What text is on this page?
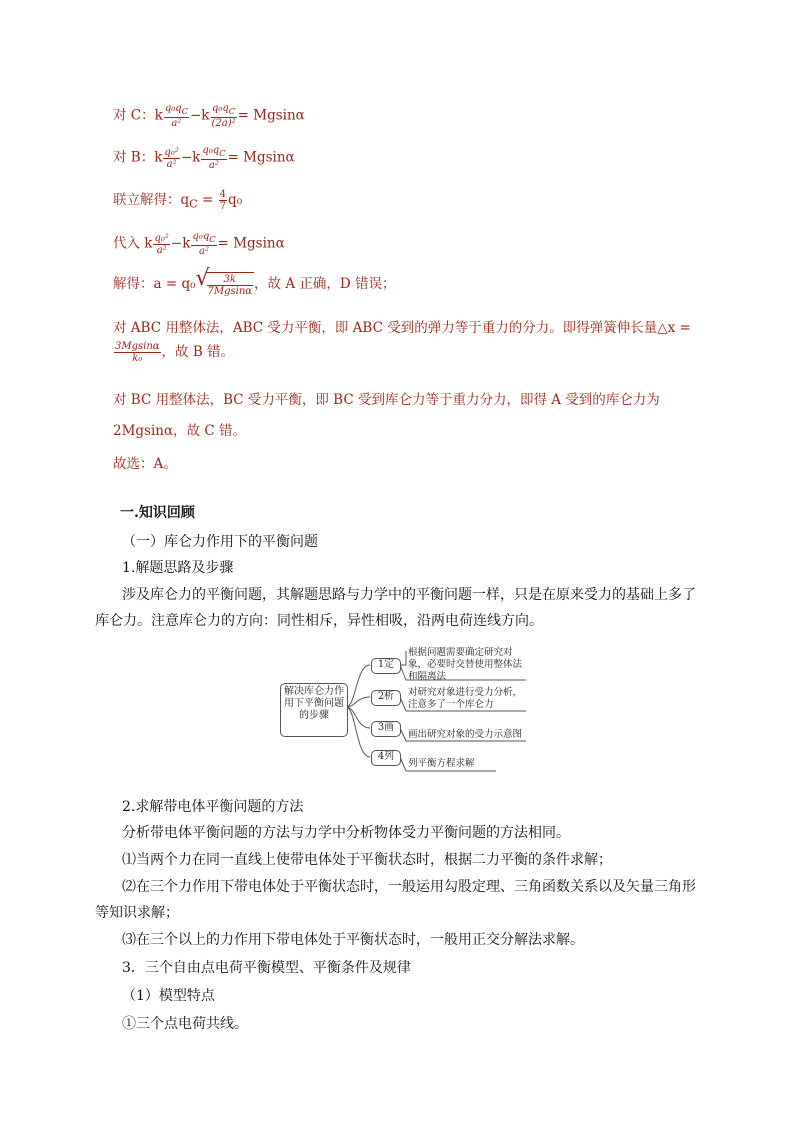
对 C：k $\frac{q_0q_C}{\text{a²}} -k \frac{q_0q_C}{\text{(2a)²}} = Mgsin\alpha$
对 B：k $\frac{\text{q₀²}}{\text{a²}} -k \frac{q_0q_C}{\text{a²}} = Mgsin\alpha$
联立解得：$q_C = \frac{4}{7} q_0$
代入 k $\frac{\text{q₀²}}{\text{a²}} -k \frac{q_0q_C}{\text{a²}} = Mgsin\alpha$
解得：a = q₀ √
$\frac{3k}{7Mgsin\alpha}$ ，故 A 正确，D 错误；
对 ABC 用整体法，ABC 受力平衡，即 ABC 受到的弹力等于重力的分力。即得弹簧伸长量△x =
$\frac{3Mgsin\alpha}{\text{k₀}}$ ，故 B 错。
对 BC 用整体法，BC 受力平衡，即 BC 受到库仑力等于重力分力，即得 A 受到的库仑力为
2Mgsinα，故 C 错。
故选：A。
一.知识回顾
（一）库仑力作用下的平衡问题
1.解题思路及步骤
涉及库仑力的平衡问题，其解题思路与力学中的平衡问题一样，只是在原来受力的基础上多了
库仑力。注意库仑力的方向：同性相斥，异性相吸，沿两电荷连线方向。
解决库仑力作用下平衡问题的步骤
1定
根据问题需要确定研究对象，必要时交替使用整体法和隔离法
2析	对研究对象进行受力分析，注意多了一个库仑力
3画
画出研究对象的受力示意图
4列
列平衡方程求解
2.求解带电体平衡问题的方法
分析带电体平衡问题的方法与力学中分析物体受力平衡问题的方法相同。
⑴当两个力在同一直线上使带电体处于平衡状态时，根据二力平衡的条件求解；
⑵在三个力作用下带电体处于平衡状态时，一般运用勾股定理、三角函数关系以及矢量三角形
等知识求解；
⑶在三个以上的力作用下带电体处于平衡状态时，一般用正交分解法求解。
3．三个自由点电荷平衡模型、平衡条件及规律
（1）模型特点
①三个点电荷共线。
